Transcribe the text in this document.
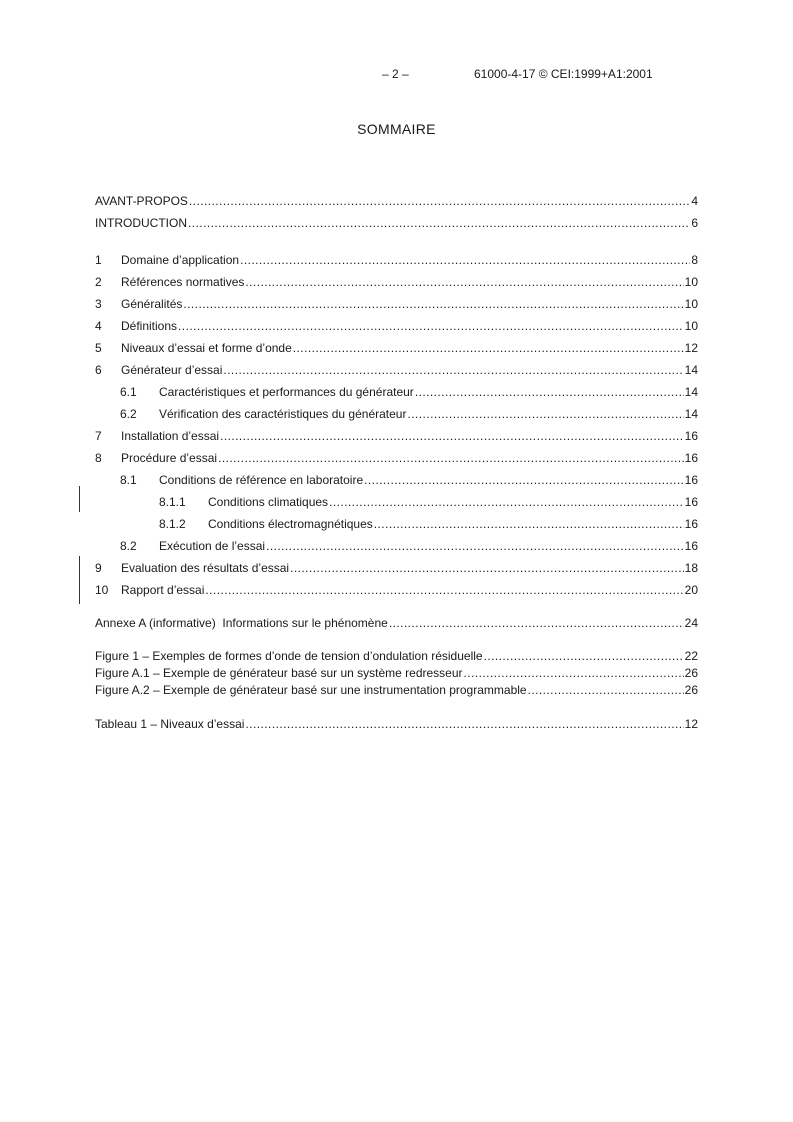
– 2 –	61000-4-17 © CEI:1999+A1:2001
SOMMAIRE
AVANT-PROPOS . . .	4
INTRODUCTION . . .	6
1	Domaine d’application . . .	8
2	Références normatives . . .	10
3	Généralités . . .	10
4	Définitions . . .	10
5	Niveaux d’essai et forme d’onde . . .	12
6	Générateur d’essai . . .	14
6.1	Caractéristiques et performances du générateur . . .	14
6.2	Vérification des caractéristiques du générateur . . .	14
7	Installation d’essai . . .	16
8	Procédure d’essai . . .	16
8.1	Conditions de référence en laboratoire . . .	16
8.1.1	Conditions climatiques . . .	16
8.1.2	Conditions électromagnétiques . . .	16
8.2	Exécution de l’essai . . .	16
9	Evaluation des résultats d’essai . . .	18
10	Rapport d’essai . . .	20
Annexe A (informative)  Informations sur le phénomène . . .	24
Figure 1 – Exemples de formes d’onde de tension d’ondulation résiduelle . . .	22
Figure A.1 – Exemple de générateur basé sur un système redresseur . . .	26
Figure A.2 – Exemple de générateur basé sur une instrumentation programmable . . .	26
Tableau 1 – Niveaux d’essai . . .	12
